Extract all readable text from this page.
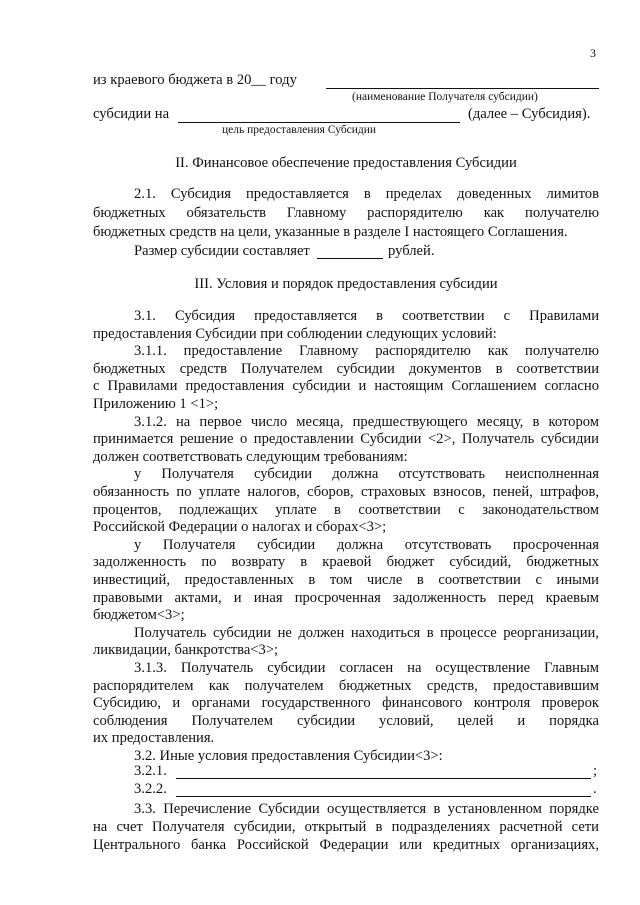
3
из краевого бюджета в 20__ году
(наименование Получателя субсидии)
субсидии на	(далее – Субсидия).
цель предоставления Субсидии
II. Финансовое обеспечение предоставления Субсидии
2.1. Субсидия предоставляется в пределах доведенных лимитов
бюджетных обязательств Главному распорядителю как получателю
бюджетных средств на цели, указанные в разделе I настоящего Соглашения.
Размер субсидии составляет	рублей.
III. Условия и порядок предоставления субсидии
3.1. Субсидия предоставляется в соответствии с Правилами
предоставления Субсидии при соблюдении следующих условий:
3.1.1. предоставление Главному распорядителю как получателю
бюджетных средств Получателем субсидии документов в соответствии
с Правилами предоставления субсидии и настоящим Соглашением согласно
Приложению 1 <1>;
3.1.2. на первое число месяца, предшествующего месяцу, в котором
принимается решение о предоставлении Субсидии <2>, Получатель субсидии
должен соответствовать следующим требованиям:
у Получателя субсидии должна отсутствовать неисполненная
обязанность по уплате налогов, сборов, страховых взносов, пеней, штрафов,
процентов, подлежащих уплате в соответствии с законодательством
Российской Федерации о налогах и сборах<3>;
у Получателя субсидии должна отсутствовать просроченная
задолженность по возврату в краевой бюджет субсидий, бюджетных
инвестиций, предоставленных в том числе в соответствии с иными
правовыми актами, и иная просроченная задолженность перед краевым
бюджетом<3>;
Получатель субсидии не должен находиться в процессе реорганизации,
ликвидации, банкротства<3>;
3.1.3. Получатель субсидии согласен на осуществление Главным
распорядителем как получателем бюджетных средств, предоставившим
Субсидию, и органами государственного финансового контроля проверок
соблюдения Получателем субсидии условий, целей и порядка
их предоставления.
3.2. Иные условия предоставления Субсидии<3>:
3.2.1.	;
3.2.2.	.
3.3. Перечисление Субсидии осуществляется в установленном порядке
на счет Получателя субсидии, открытый в подразделениях расчетной сети
Центрального банка Российской Федерации или кредитных организациях,
